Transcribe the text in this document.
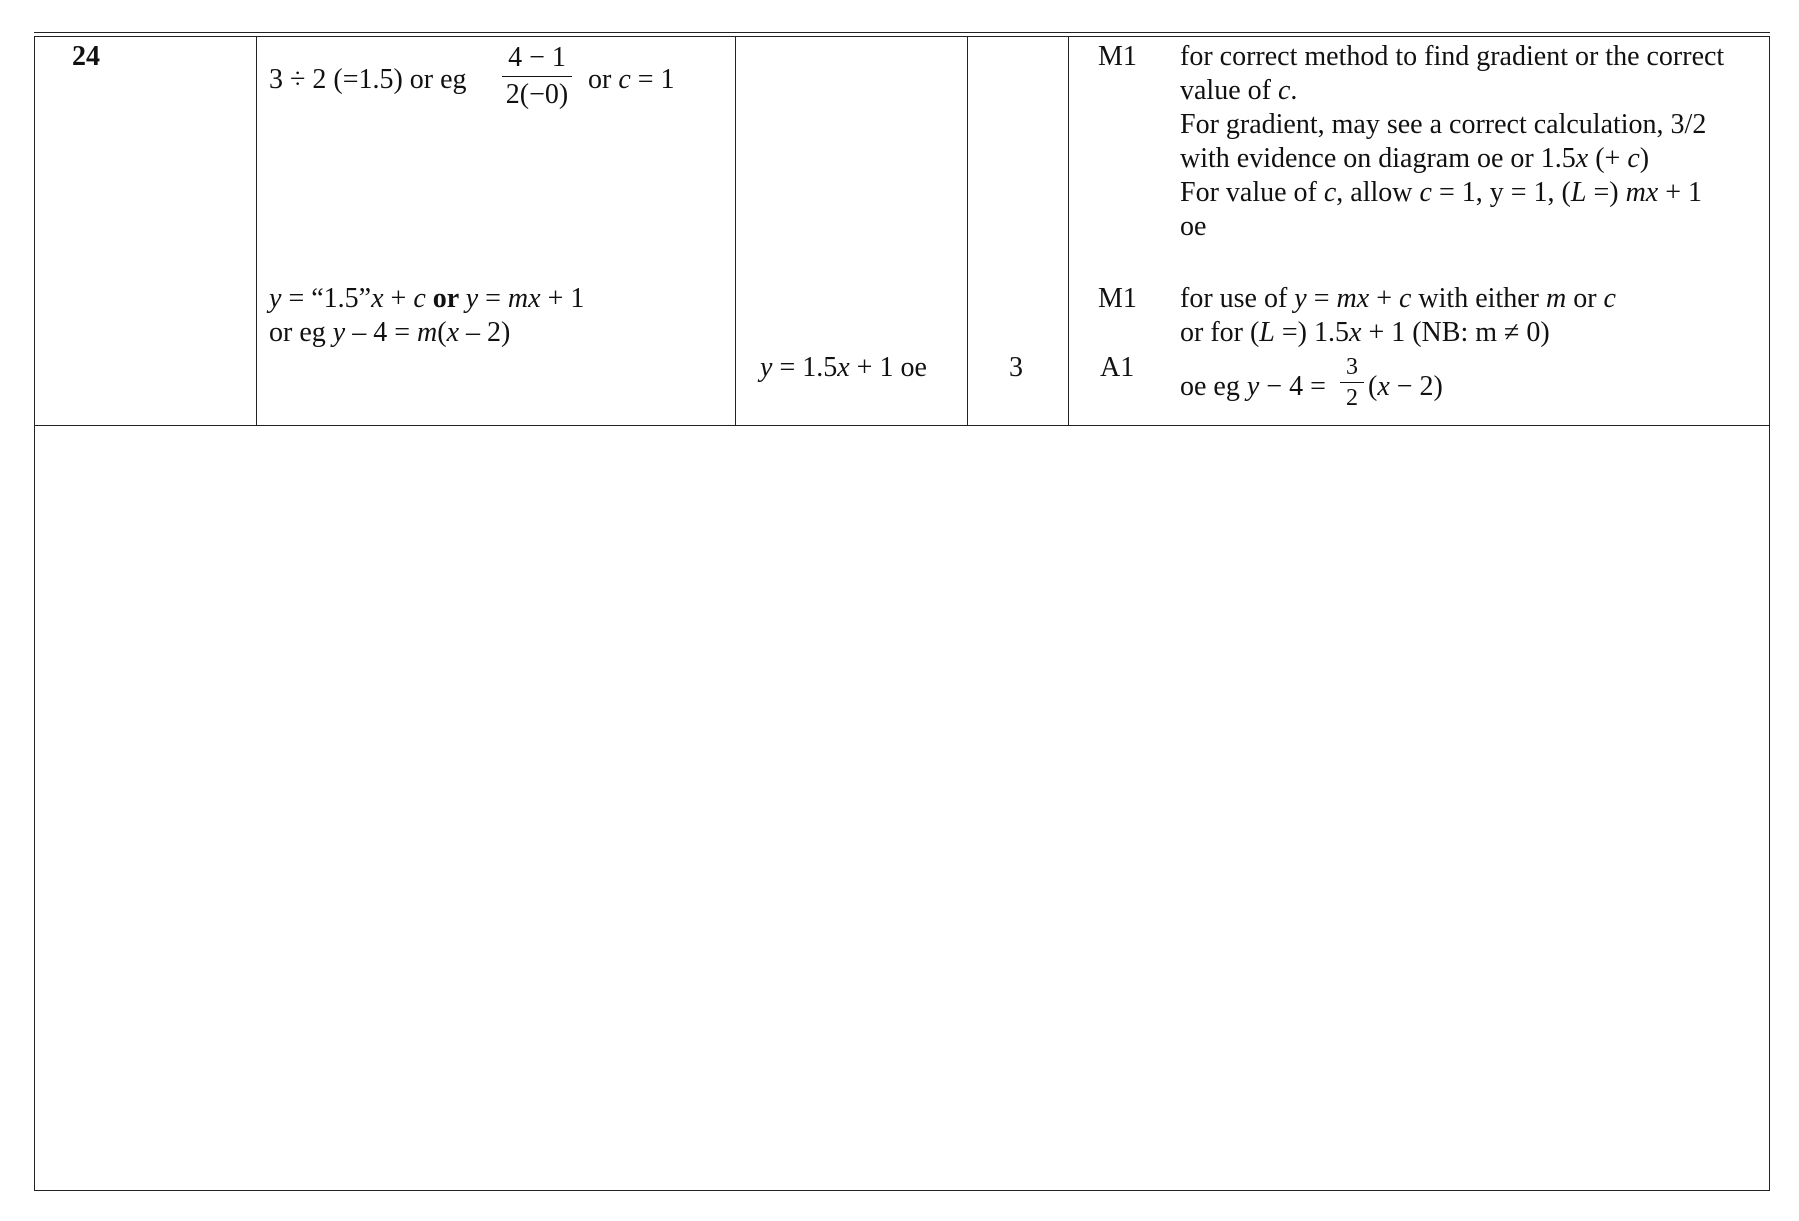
24
3 ÷ 2 (=1.5) or eg
4 − 1
2(−0) or c = 1
y = “1.5”x + c or y = mx + 1
or eg y – 4 = m(x – 2)
y = 1.5x + 1 oe	3
M1
M1
A1
for correct method to find gradient or the correct
value of c.
For gradient, may see a correct calculation, 3/2
with evidence on diagram oe or 1.5x (+ c)
For value of c, allow c = 1, y = 1, (L =) mx + 1
oe
for use of y = mx + c with either m or c
or for (L =) 1.5x + 1 (NB: m ≠ 0)
oe eg y − 4 =
3
2 (x − 2)
